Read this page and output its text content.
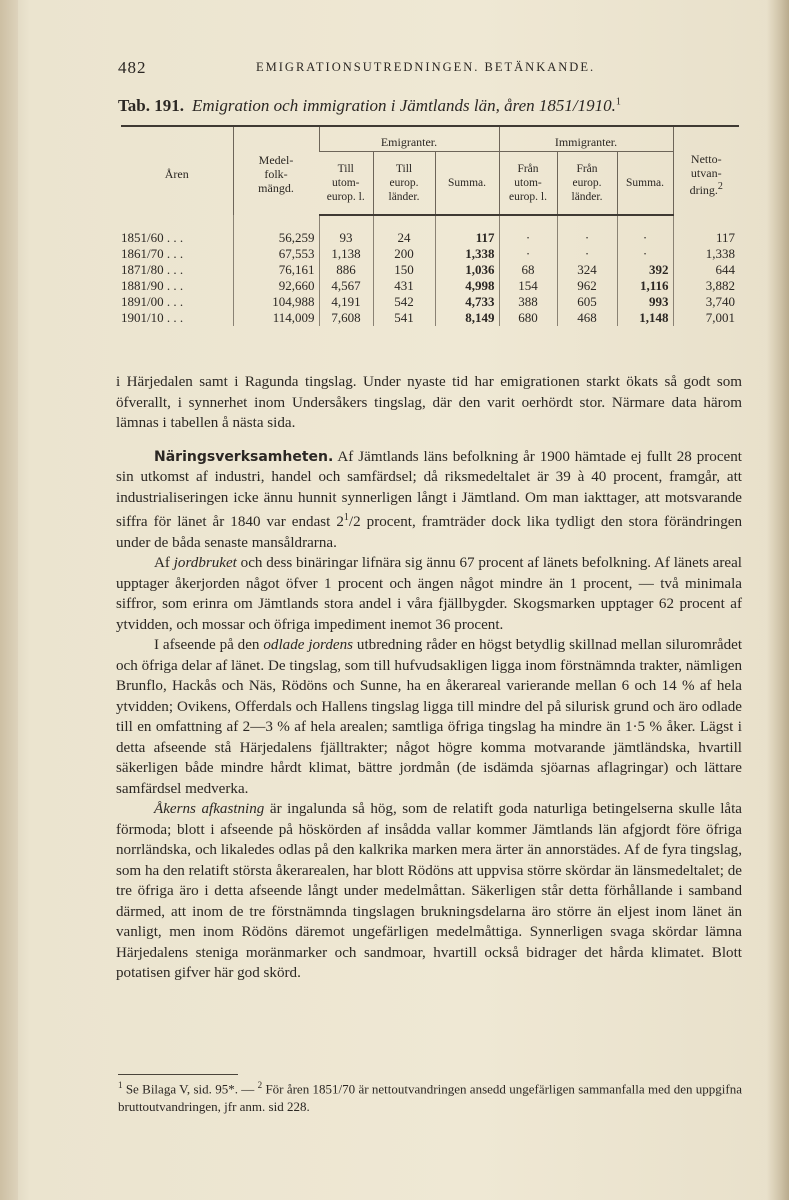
482	EMIGRATIONSUTREDNINGEN. BETÄNKANDE.
Tab. 191. Emigration och immigration i Jämtlands län, åren 1851/1910.$^1$
Åren	Medel-
folk-
mängd.	Emigranter.			Immigranter.			Netto-
utvan-
dring.$^2$
		Till
utom-
europ. l.	Till
europ.
länder.	Summa.	Från
utom-
europ. l.	Från
europ.
länder.	Summa.	
1851/60 . . .	56,259	93	24	117	·	·	·	117
1861/70 . . .	67,553	1,138	200	1,338	·	·	·	1,338
1871/80 . . .	76,161	886	150	1,036	68	324	392	644
1881/90 . . .	92,660	4,567	431	4,998	154	962	1,116	3,882
1891/00 . . .	104,988	4,191	542	4,733	388	605	993	3,740
1901/10 . . .	114,009	7,608	541	8,149	680	468	1,148	7,001

i Härjedalen samt i Ragunda tingslag. Under nyaste tid har emigrationen starkt ökats så godt som öfverallt, i synnerhet inom Undersåkers tingslag, där den varit oerhördt stor. Närmare data härom lämnas i tabellen å nästa sida.

Näringsverksamheten. Af Jämtlands läns befolkning år 1900 hämtade ej fullt 28 procent sin utkomst af industri, handel och samfärdsel; då riksmedeltalet är 39 à 40 procent, framgår, att industrialiseringen icke ännu hunnit synnerligen långt i Jämtland. Om man iakttager, att motsvarande siffra för länet år 1840 var endast $2^1/2$ procent, framträder dock lika tydligt den stora förändringen under de båda senaste mansåldrarna.

Af jordbruket och dess binäringar lifnära sig ännu 67 procent af länets befolkning. Af länets areal upptager åkerjorden något öfver 1 procent och ängen något mindre än 1 procent, — två minimala siffror, som erinra om Jämtlands stora andel i våra fjällbygder. Skogsmarken upptager 62 procent af ytvidden, och mossar och öfriga impediment inemot 36 procent.

I afseende på den odlade jordens utbredning råder en högst betydlig skillnad mellan silurområdet och öfriga delar af länet. De tingslag, som till hufvudsakligen ligga inom förstnämnda trakter, nämligen Brunflo, Hackås och Näs, Rödöns och Sunne, ha en åkerareal varierande mellan 6 och 14 % af hela ytvidden; Ovikens, Offerdals och Hallens tingslag ligga till mindre del på silurisk grund och äro odlade till en omfattning af 2—3 % af hela arealen; samtliga öfriga tingslag ha mindre än 1·5 % åker. Lägst i detta afseende stå Härjedalens fjälltrakter; något högre komma motvarande jämtländska, hvartill säkerligen både mindre hårdt klimat, bättre jordmån (de isdämda sjöarnas aflagringar) och lättare samfärdsel medverka.

Åkerns afkastning är ingalunda så hög, som de relatift goda naturliga betingelserna skulle låta förmoda; blott i afseende på höskörden af insådda vallar kommer Jämtlands län afgjordt före öfriga norrländska, och likaledes odlas på den kalkrika marken mera ärter än annorstädes. Af de fyra tingslag, som ha den relatift största åkerarealen, har blott Rödöns att uppvisa större skördar än länsmedeltalet; de tre öfriga äro i detta afseende långt under medelmåttan. Säkerligen står detta förhållande i samband därmed, att inom de tre förstnämnda tingslagen brukningsdelarna äro större än eljest inom länet än vanligt, men inom Rödöns däremot ungefärligen medelmåttiga. Synnerligen svaga skördar lämna Härjedalens steniga moränmarker och sandmoar, hvartill också bidrager det hårda klimatet. Blott potatisen gifver här god skörd.

$^1$ Se Bilaga V, sid. 95*. — $^2$ För åren 1851/70 är nettoutvandringen ansedd ungefärligen sammanfalla med den uppgifna bruttoutvandringen, jfr anm. sid 228.
